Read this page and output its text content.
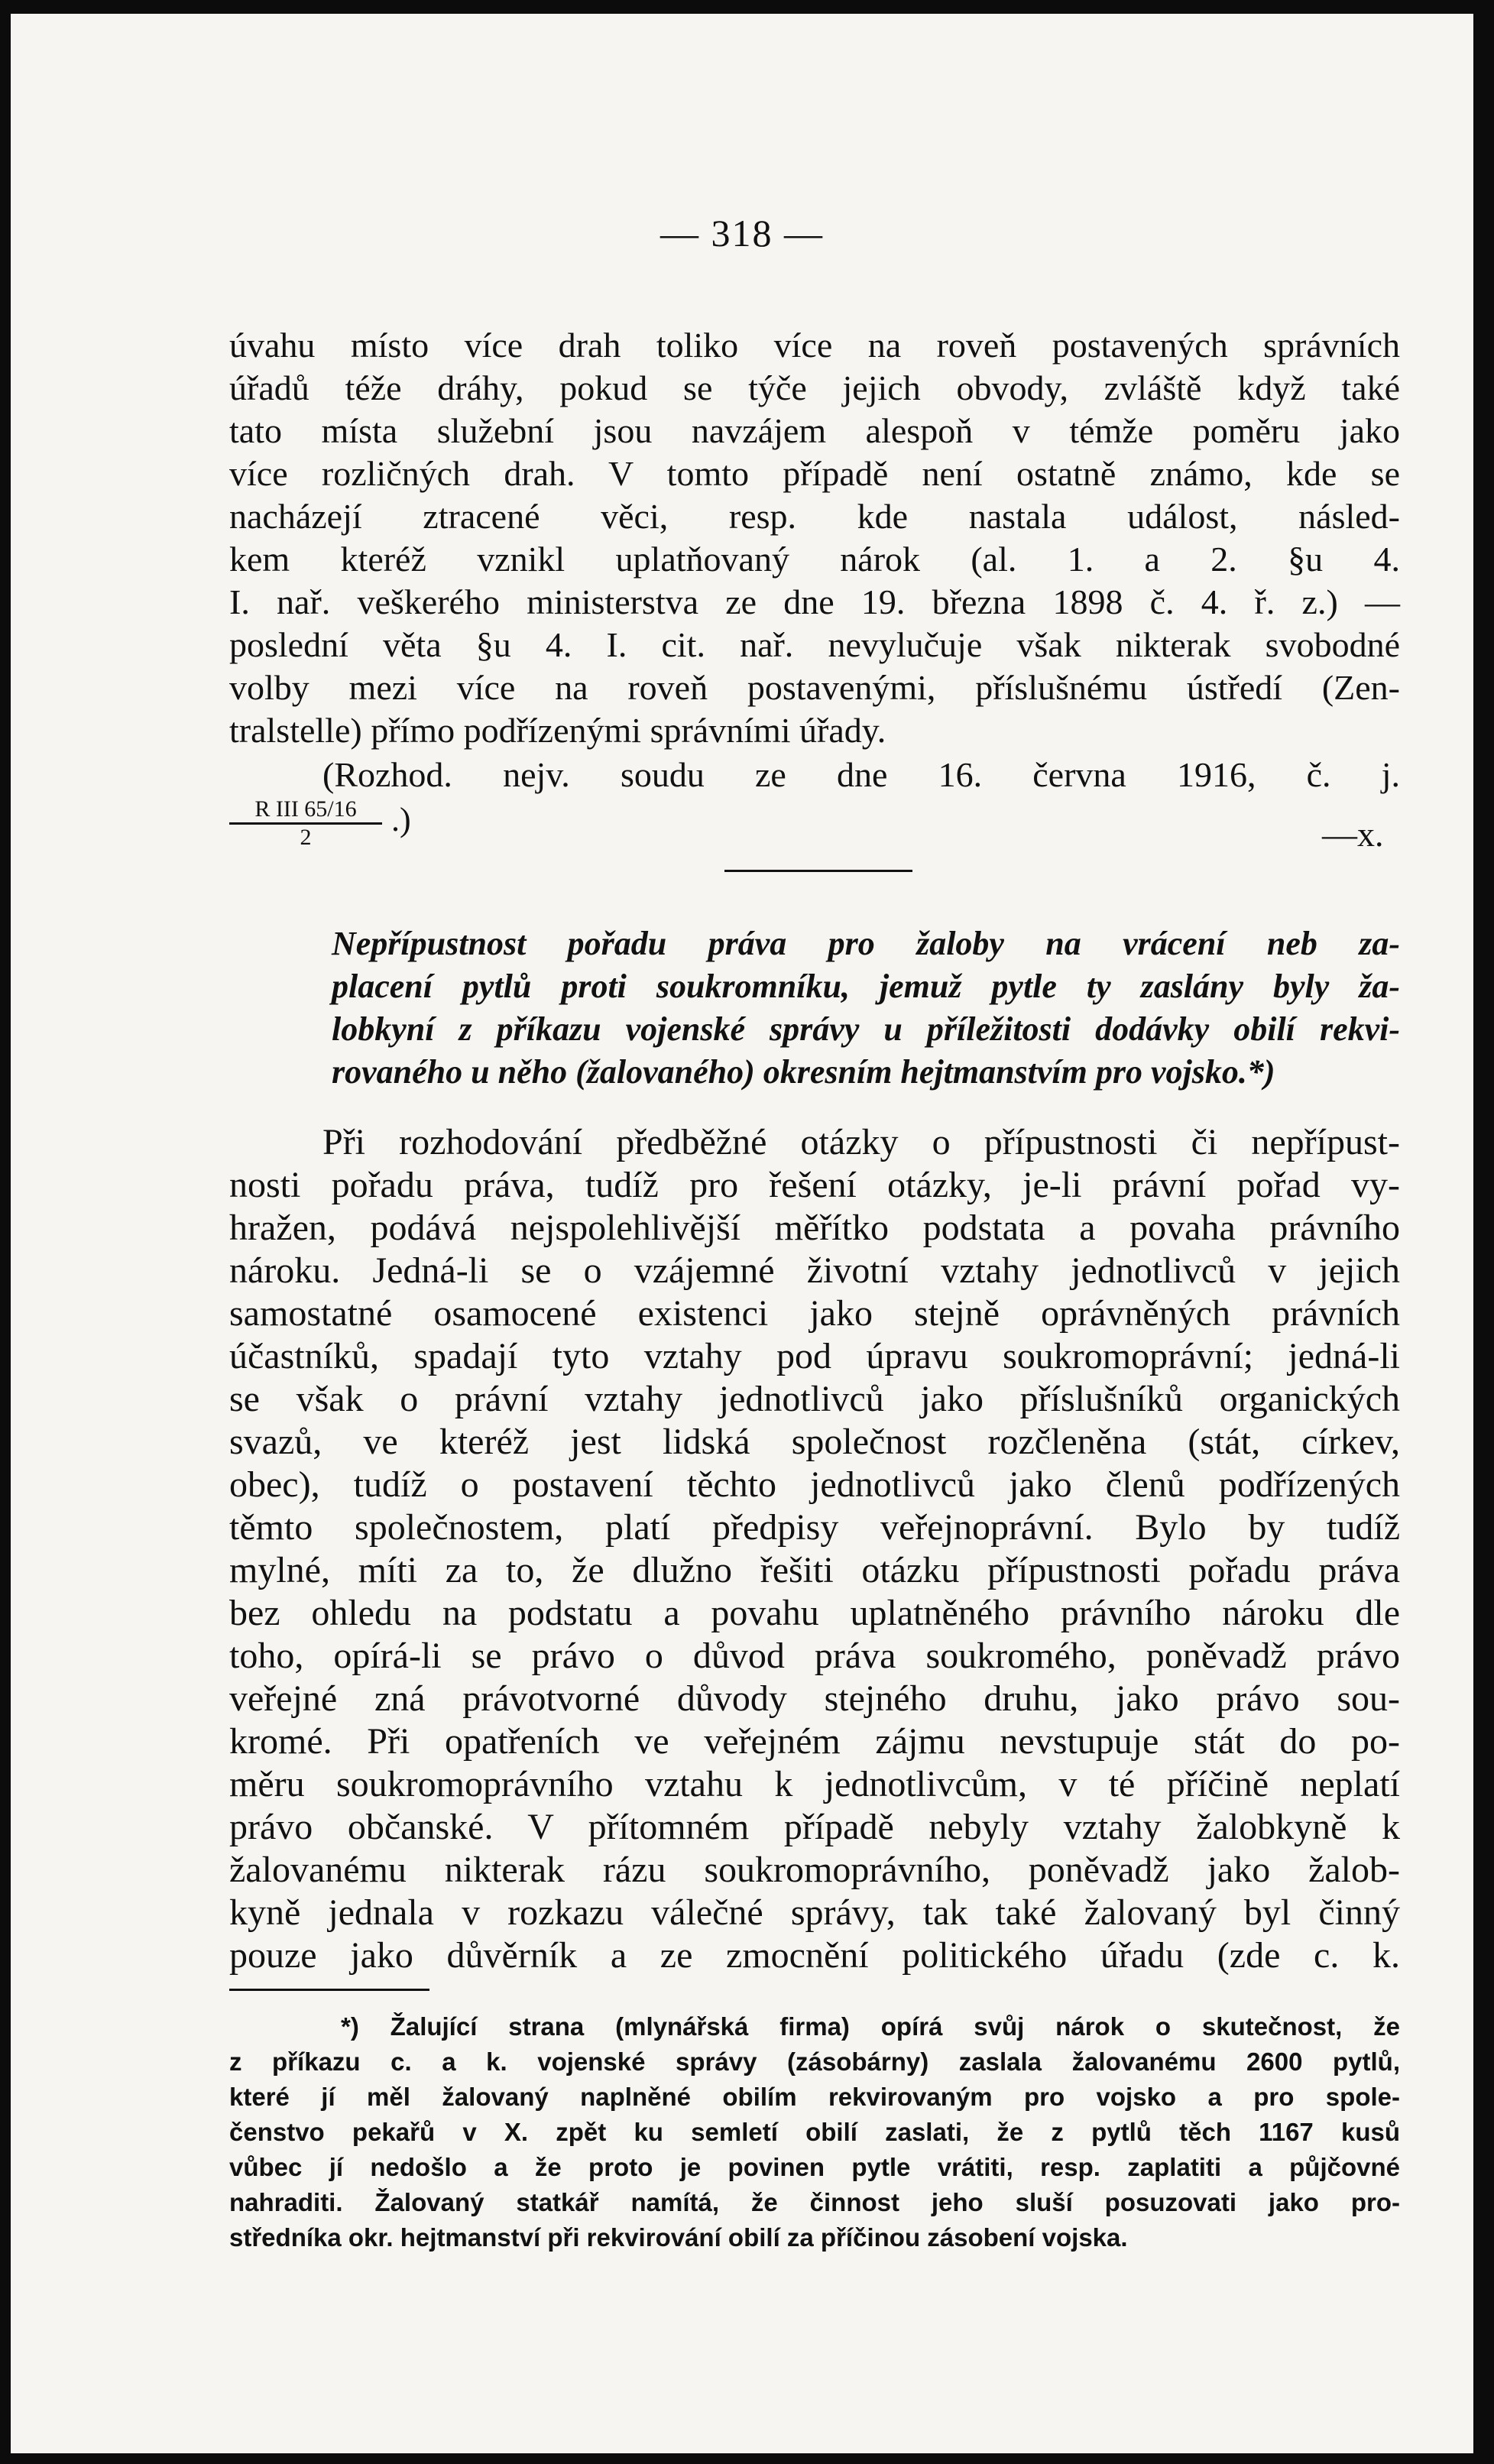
— 318 —
úvahu místo více drah toliko více na roveň postavených správních
úřadů téže dráhy, pokud se týče jejich obvody, zvláště když také
tato místa služební jsou navzájem alespoň v témže poměru jako
více rozličných drah. V tomto případě není ostatně známo, kde se
nacházejí ztracené věci, resp. kde nastala událost, násled-
kem kteréž vznikl uplatňovaný nárok (al. 1. a 2. §u 4.
I. nař. veškerého ministerstva ze dne 19. března 1898 č. 4. ř. z.) —
poslední věta §u 4. I. cit. nař. nevylučuje však nikterak svobodné
volby mezi více na roveň postavenými, příslušnému ústředí (Zen-
tralstelle) přímo podřízenými správními úřady.
(Rozhod. nejv. soudu ze dne 16. června 1916, č. j.
R III 65/16
2	.)	—x.
Nepřípustnost pořadu práva pro žaloby na vrácení neb za-
placení pytlů proti soukromníku, jemuž pytle ty zaslány byly ža-
lobkyní z příkazu vojenské správy u příležitosti dodávky obilí rekvi-
rovaného u něho (žalovaného) okresním hejtmanstvím pro vojsko.*)
Při rozhodování předběžné otázky o přípustnosti či nepřípust-
nosti pořadu práva, tudíž pro řešení otázky, je-li právní pořad vy-
hražen, podává nejspolehlivější měřítko podstata a povaha právního
nároku. Jedná-li se o vzájemné životní vztahy jednotlivců v jejich
samostatné osamocené existenci jako stejně oprávněných právních
účastníků, spadají tyto vztahy pod úpravu soukromoprávní; jedná-li
se však o právní vztahy jednotlivců jako příslušníků organických
svazů, ve kteréž jest lidská společnost rozčleněna (stát, církev,
obec), tudíž o postavení těchto jednotlivců jako členů podřízených
těmto společnostem, platí předpisy veřejnoprávní. Bylo by tudíž
mylné, míti za to, že dlužno řešiti otázku přípustnosti pořadu práva
bez ohledu na podstatu a povahu uplatněného právního nároku dle
toho, opírá-li se právo o důvod práva soukromého, poněvadž právo
veřejné zná právotvorné důvody stejného druhu, jako právo sou-
kromé. Při opatřeních ve veřejném zájmu nevstupuje stát do po-
měru soukromoprávního vztahu k jednotlivcům, v té příčině neplatí
právo občanské. V přítomném případě nebyly vztahy žalobkyně k
žalovanému nikterak rázu soukromoprávního, poněvadž jako žalob-
kyně jednala v rozkazu válečné správy, tak také žalovaný byl činný
*) Žalující strana (mlynářská firma) opírá svůj nárok o skutečnost, že
z příkazu c. a k. vojenské správy (zásobárny) zaslala žalovanému 2600 pytlů,
které jí měl žalovaný naplněné obilím rekvirovaným pro vojsko a pro spole-
čenstvo pekařů v X. zpět ku semletí obilí zaslati, že z pytlů těch 1167 kusů
vůbec jí nedošlo a že proto je povinen pytle vrátiti, resp. zaplatiti a půjčovné
nahraditi. Žalovaný statkář namítá, že činnost jeho sluší posuzovati jako pro-
středníka okr. hejtmanství při rekvirování obilí za příčinou zásobení vojska.
pouze jako důvěrník a ze zmocnění politického úřadu (zde c. k.
